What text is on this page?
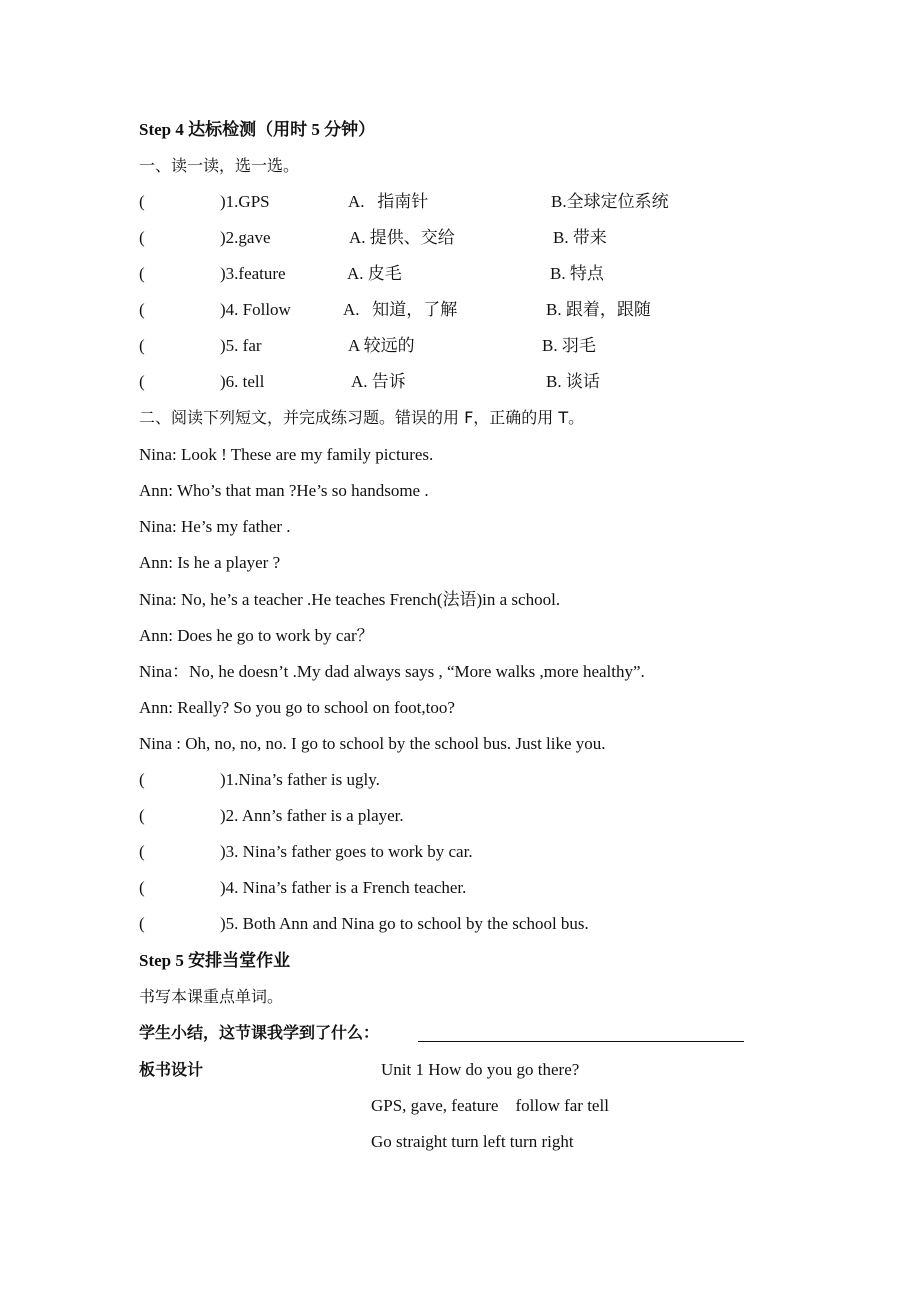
Step 4 达标检测（用时 5 分钟）
一、读一读，选一选。
(	)1.GPS	A.   指南针	B.全球定位系统
(	)2.gave	A. 提供、交给	B. 带来
(	)3.feature	A. 皮毛	B. 特点
(	)4. Follow	A.   知道，了解	B. 跟着，跟随
(	)5. far	A 较远的	B. 羽毛
(	)6. tell	A. 告诉	B. 谈话
二、阅读下列短文，并完成练习题。错误的用 F，正确的用 T。
Nina: Look ! These are my family pictures.
Ann: Who’s that man ?He’s so handsome .
Nina: He’s my father .
Ann: Is he a player ?
Nina: No, he’s a teacher .He teaches French(法语)in a school.
Ann: Does he go to work by car？
Nina：No, he doesn’t .My dad always says , “More walks ,more healthy”.
Ann: Really? So you go to school on foot,too?
Nina : Oh, no, no, no. I go to school by the school bus. Just like you.
(	)1.Nina’s father is ugly.
(	)2. Ann’s father is a player.
(	)3. Nina’s father goes to work by car.
(	)4. Nina’s father is a French teacher.
(	)5. Both Ann and Nina go to school by the school bus.
Step 5 安排当堂作业
书写本课重点单词。
学生小结，这节课我学到了什么：
板书设计	Unit 1 How do you go there?
GPS, gave, feature    follow far tell
Go straight turn left turn right
